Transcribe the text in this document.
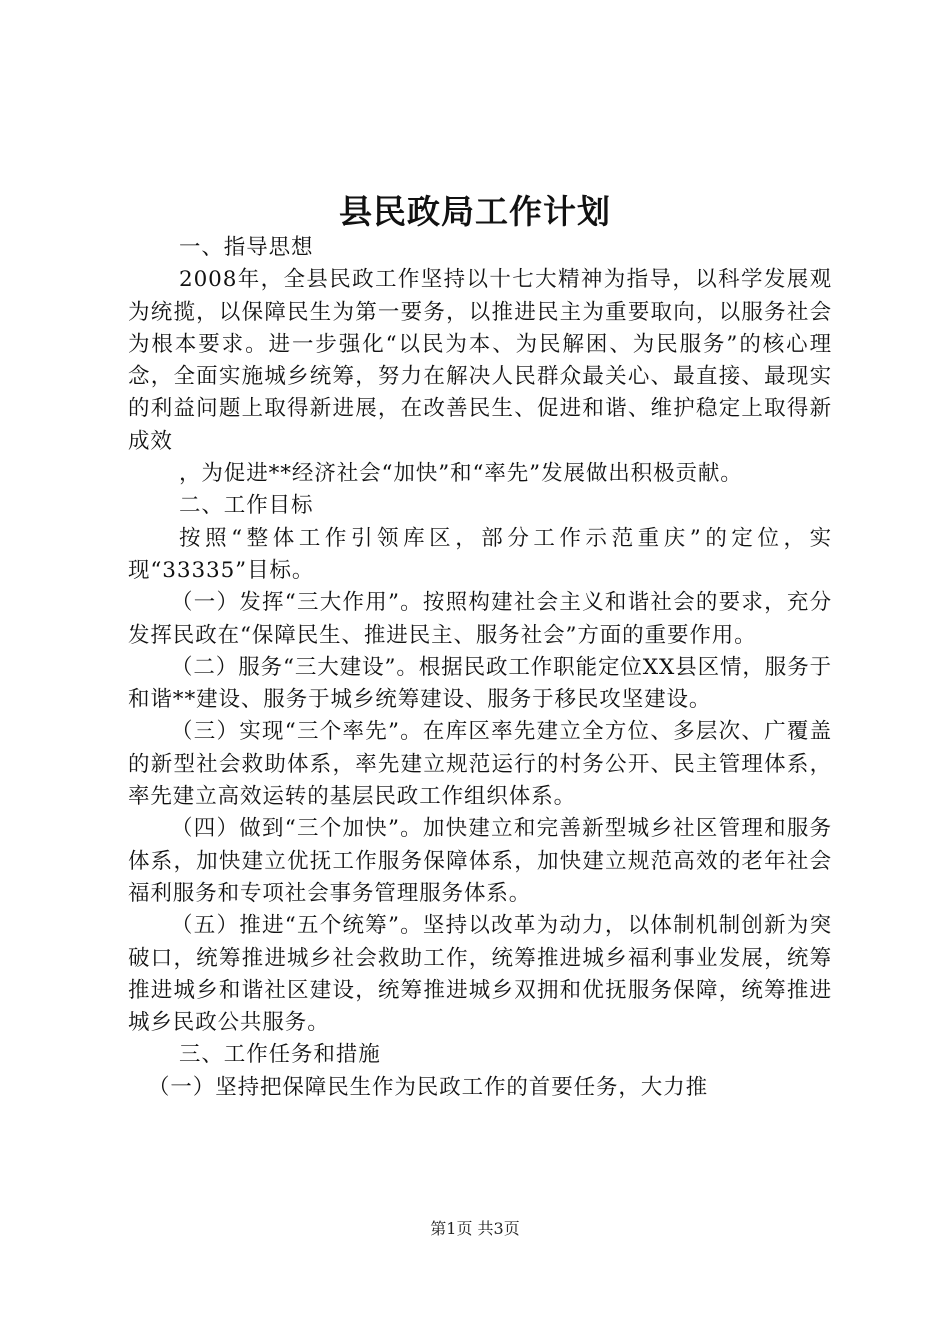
县民政局工作计划

一、指导思想

2008年，全县民政工作坚持以十七大精神为指导，以科学发展观为统揽，以保障民生为第一要务，以推进民主为重要取向，以服务社会为根本要求。进一步强化“以民为本、为民解困、为民服务”的核心理念，全面实施城乡统筹，努力在解决人民群众最关心、最直接、最现实的利益问题上取得新进展，在改善民生、促进和谐、维护稳定上取得新成效

，为促进**经济社会“加快”和“率先”发展做出积极贡献。

二、工作目标

按照“整体工作引领库区，部分工作示范重庆”的定位，实现“33335”目标。

（一）发挥“三大作用”。按照构建社会主义和谐社会的要求，充分发挥民政在“保障民生、推进民主、服务社会”方面的重要作用。

（二）服务“三大建设”。根据民政工作职能定位XX县区情，服务于和谐**建设、服务于城乡统筹建设、服务于移民攻坚建设。

（三）实现“三个率先”。在库区率先建立全方位、多层次、广覆盖的新型社会救助体系，率先建立规范运行的村务公开、民主管理体系，率先建立高效运转的基层民政工作组织体系。

（四）做到“三个加快”。加快建立和完善新型城乡社区管理和服务体系，加快建立优抚工作服务保障体系，加快建立规范高效的老年社会福利服务和专项社会事务管理服务体系。

（五）推进“五个统筹”。坚持以改革为动力，以体制机制创新为突破口，统筹推进城乡社会救助工作，统筹推进城乡福利事业发展，统筹推进城乡和谐社区建设，统筹推进城乡双拥和优抚服务保障，统筹推进城乡民政公共服务。

三、工作任务和措施

（一）坚持把保障民生作为民政工作的首要任务，大力推

第1页 共3页
